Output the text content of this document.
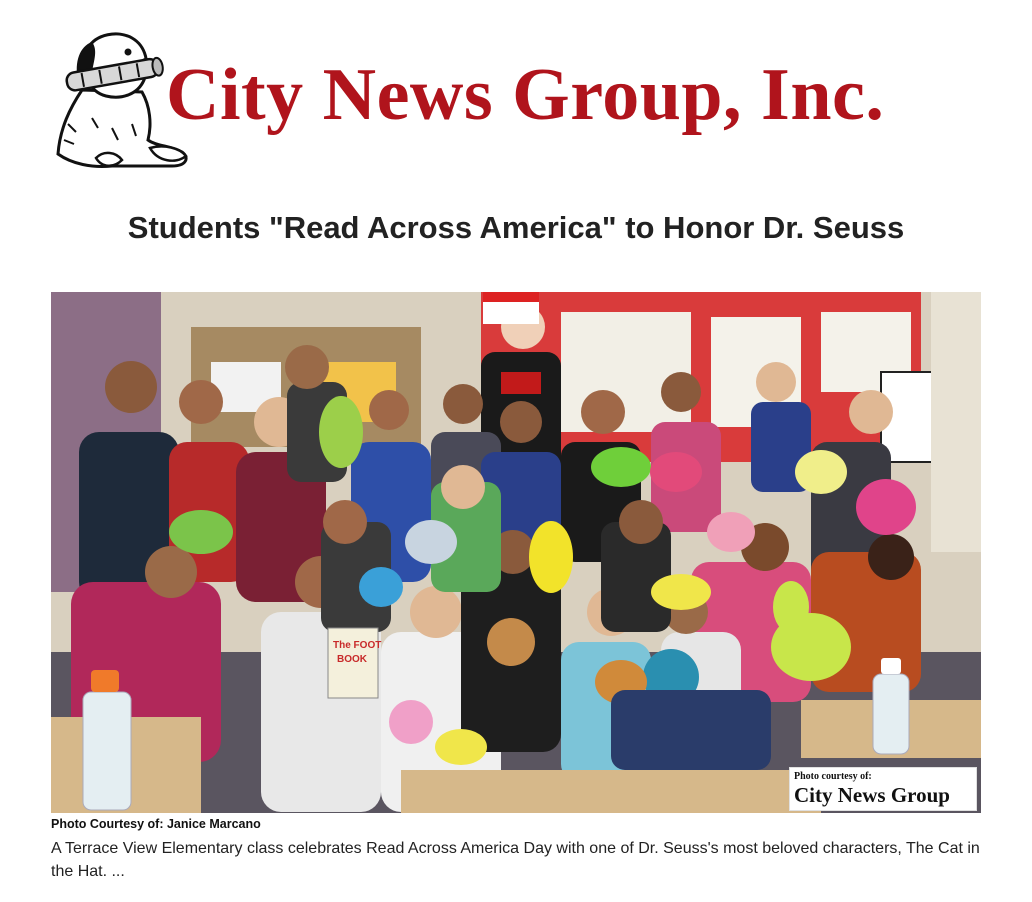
City News Group, Inc.
Students "Read Across America" to Honor Dr. Seuss
The FOOT
BOOK
Photo courtesy of:
City News Group
Photo Courtesy of: Janice Marcano

A Terrace View Elementary class celebrates Read Across America Day with one of Dr. Seuss's most beloved characters, The Cat in the Hat. ...
